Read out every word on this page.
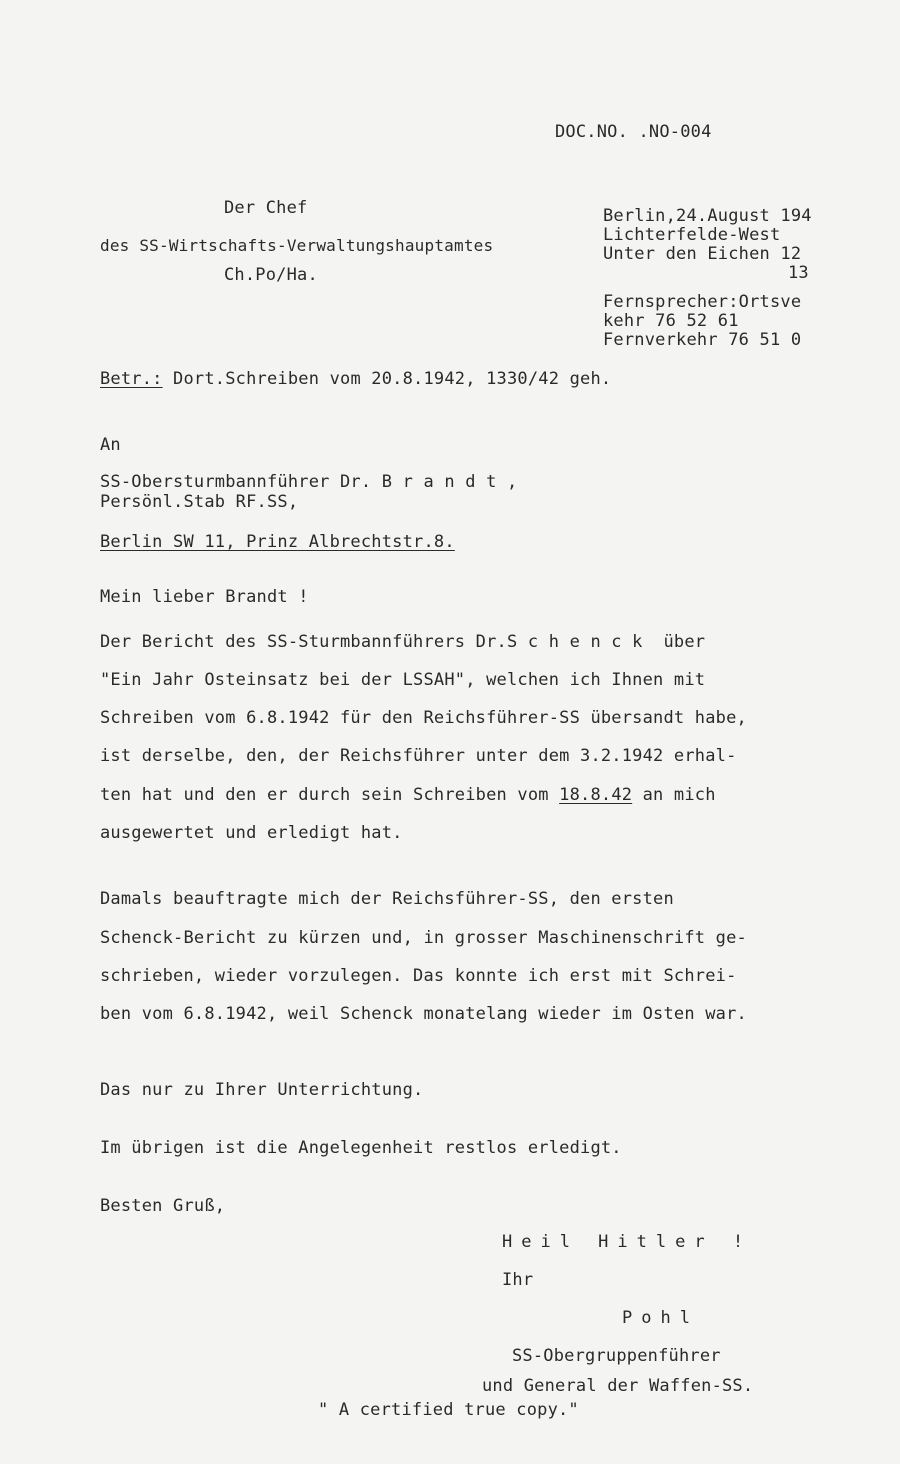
DOC.NO. .NO-004
Der Chef
des SS-Wirtschafts-Verwaltungshauptamtes
Ch.Po/Ha.
Berlin,24.August 194
Lichterfelde-West
Unter den Eichen 12
13
Fernsprecher:Ortsve
kehr 76 52 61
Fernverkehr 76 51 0
Betr.: Dort.Schreiben vom 20.8.1942, 1330/42 geh.
An
SS-Obersturmbannführer Dr. B r a n d t ,
Persönl.Stab RF.SS,
Berlin SW 11, Prinz Albrechtstr.8.
Mein lieber Brandt !
Der Bericht des SS-Sturmbannführers Dr.S c h e n c k  über
"Ein Jahr Osteinsatz bei der LSSAH", welchen ich Ihnen mit
Schreiben vom 6.8.1942 für den Reichsführer-SS übersandt habe,
ist derselbe, den, der Reichsführer unter dem 3.2.1942 erhal-
ten hat und den er durch sein Schreiben vom 18.8.42 an mich
ausgewertet und erledigt hat.
Damals beauftragte mich der Reichsführer-SS, den ersten
Schenck-Bericht zu kürzen und, in grosser Maschinenschrift ge-
schrieben, wieder vorzulegen. Das konnte ich erst mit Schrei-
ben vom 6.8.1942, weil Schenck monatelang wieder im Osten war.
Das nur zu Ihrer Unterrichtung.
Im übrigen ist die Angelegenheit restlos erledigt.
Besten Gruß,
Heil Hitler !
Ihr
Pohl
SS-Obergruppenführer
und General der Waffen-SS.
" A certified true copy."
